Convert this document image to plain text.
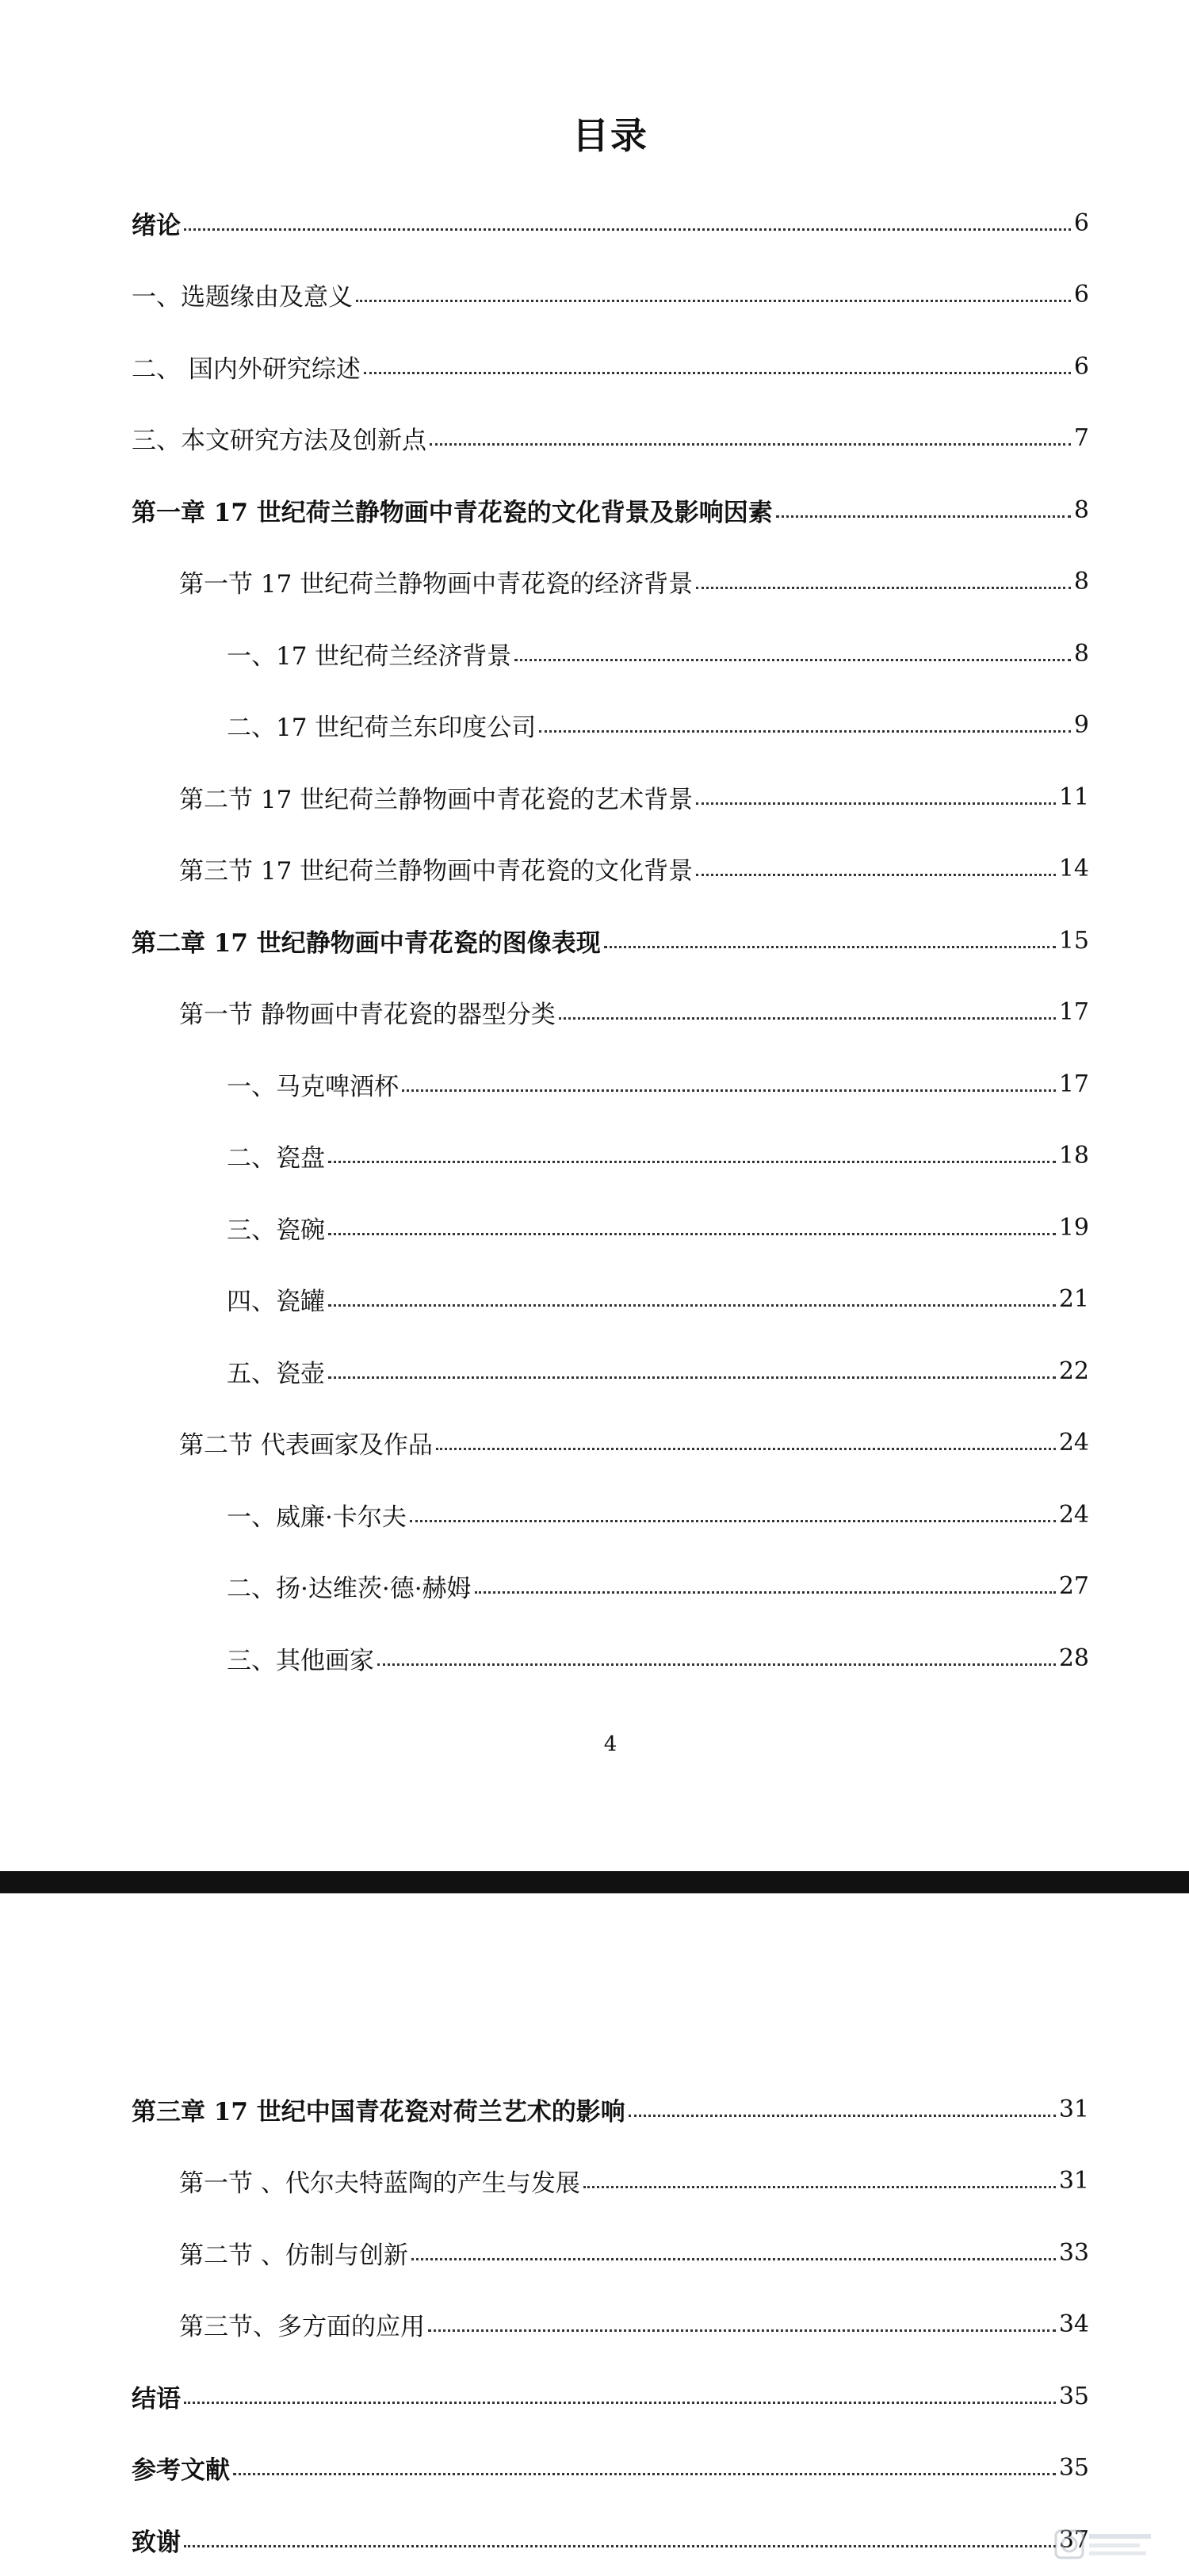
目录
绪论	6
一、选题缘由及意义	6
二、 国内外研究综述	6
三、本文研究方法及创新点	7
第一章 17 世纪荷兰静物画中青花瓷的文化背景及影响因素	8
第一节 17 世纪荷兰静物画中青花瓷的经济背景	8
一、17 世纪荷兰经济背景	8
二、17 世纪荷兰东印度公司	9
第二节 17 世纪荷兰静物画中青花瓷的艺术背景	11
第三节 17 世纪荷兰静物画中青花瓷的文化背景	14
第二章 17 世纪静物画中青花瓷的图像表现	15
第一节 静物画中青花瓷的器型分类	17
一、马克啤酒杯	17
二、瓷盘	18
三、瓷碗	19
四、瓷罐	21
五、瓷壶	22
第二节 代表画家及作品	24
一、威廉·卡尔夫	24
二、扬·达维茨·德·赫姆	27
三、其他画家	28
4
第三章 17 世纪中国青花瓷对荷兰艺术的影响	31
第一节 、代尔夫特蓝陶的产生与发展	31
第二节 、仿制与创新	33
第三节、多方面的应用	34
结语	35
参考文献	35
致谢	37
